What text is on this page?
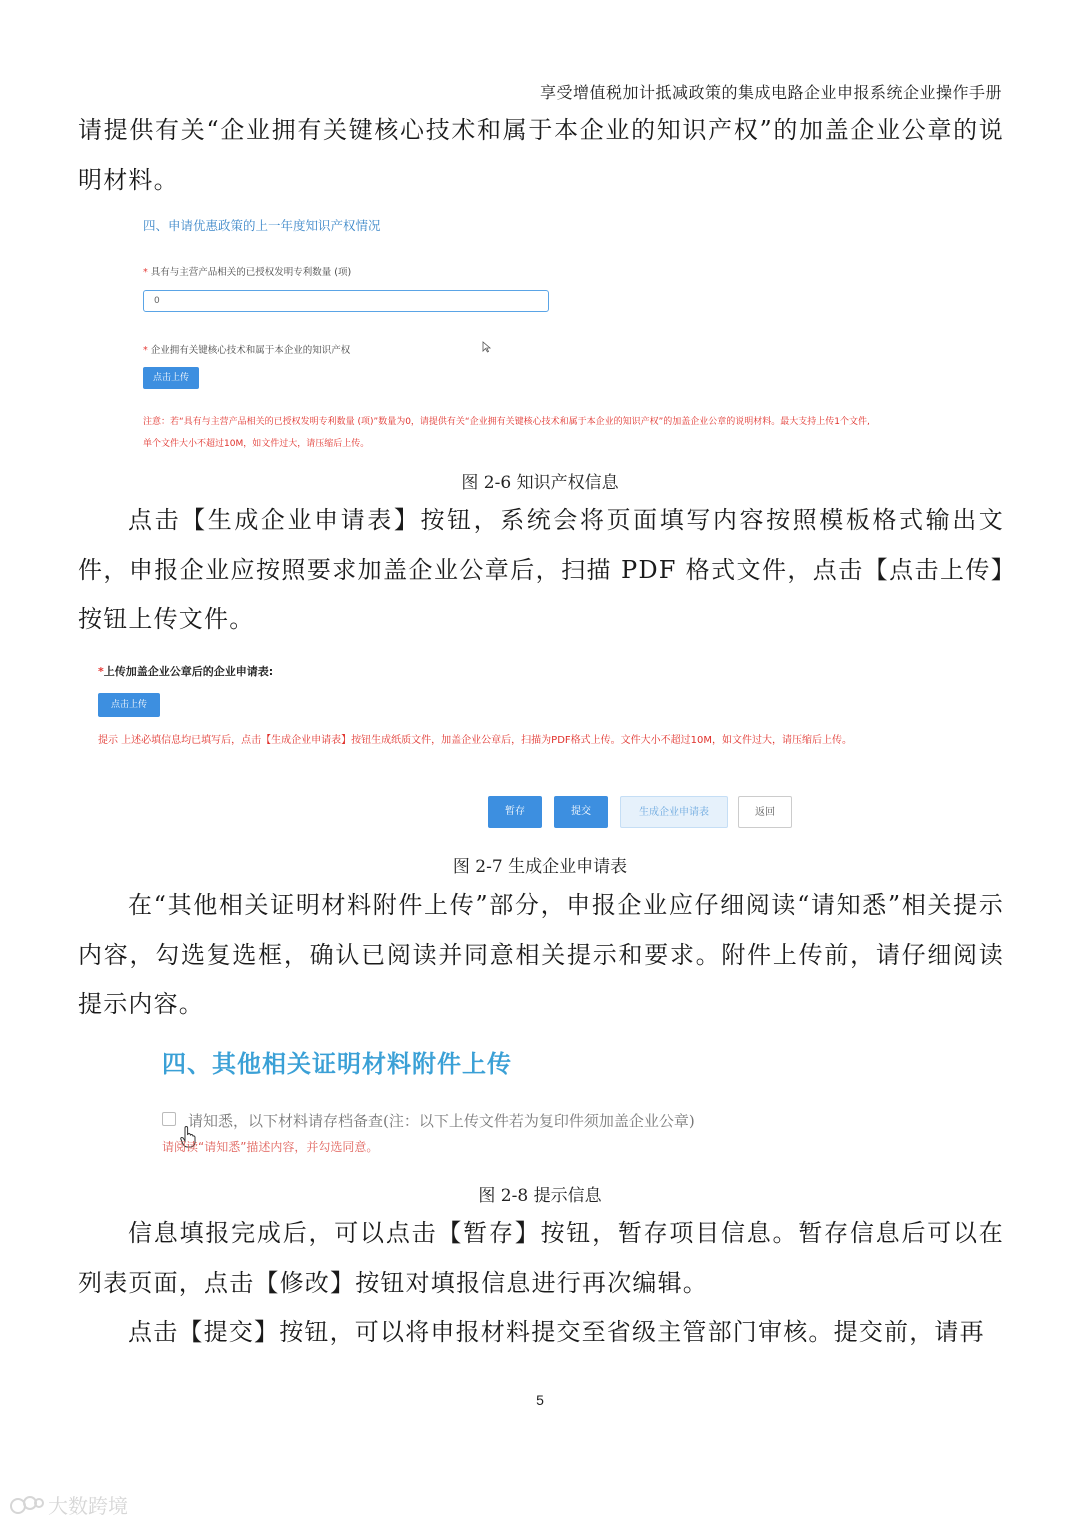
享受增值税加计抵减政策的集成电路企业申报系统企业操作手册

请提供有关“企业拥有关键核心技术和属于本企业的知识产权”的加盖企业公章的说明材料。

四、申请优惠政策的上一年度知识产权情况
* 具有与主营产品相关的已授权发明专利数量 (项)
0
* 企业拥有关键核心技术和属于本企业的知识产权
点击上传
注意：若“具有与主营产品相关的已授权发明专利数量 (项)”数量为0，请提供有关“企业拥有关键核心技术和属于本企业的知识产权”的加盖企业公章的说明材料。最大支持上传1个文件,
单个文件大小不超过10M，如文件过大，请压缩后上传。
图 2-6 知识产权信息

点击【生成企业申请表】按钮，系统会将页面填写内容按照模板格式输出文件，申报企业应按照要求加盖企业公章后，扫描 PDF 格式文件，点击【点击上传】按钮上传文件。

*上传加盖企业公章后的企业申请表:
点击上传
提示 上述必填信息均已填写后，点击【生成企业申请表】按钮生成纸质文件，加盖企业公章后，扫描为PDF格式上传。文件大小不超过10M，如文件过大，请压缩后上传。
暂存	提交	生成企业申请表	返回
图 2-7 生成企业申请表

在“其他相关证明材料附件上传”部分，申报企业应仔细阅读“请知悉”相关提示内容，勾选复选框，确认已阅读并同意相关提示和要求。附件上传前，请仔细阅读提示内容。

四、其他相关证明材料附件上传
请知悉，以下材料请存档备查(注：以下上传文件若为复印件须加盖企业公章)
请阅读“请知悉”描述内容，并勾选同意。
图 2-8 提示信息

信息填报完成后，可以点击【暂存】按钮，暂存项目信息。暂存信息后可以在列表页面，点击【修改】按钮对填报信息进行再次编辑。

点击【提交】按钮，可以将申报材料提交至省级主管部门审核。提交前，请再

5
大数跨境
